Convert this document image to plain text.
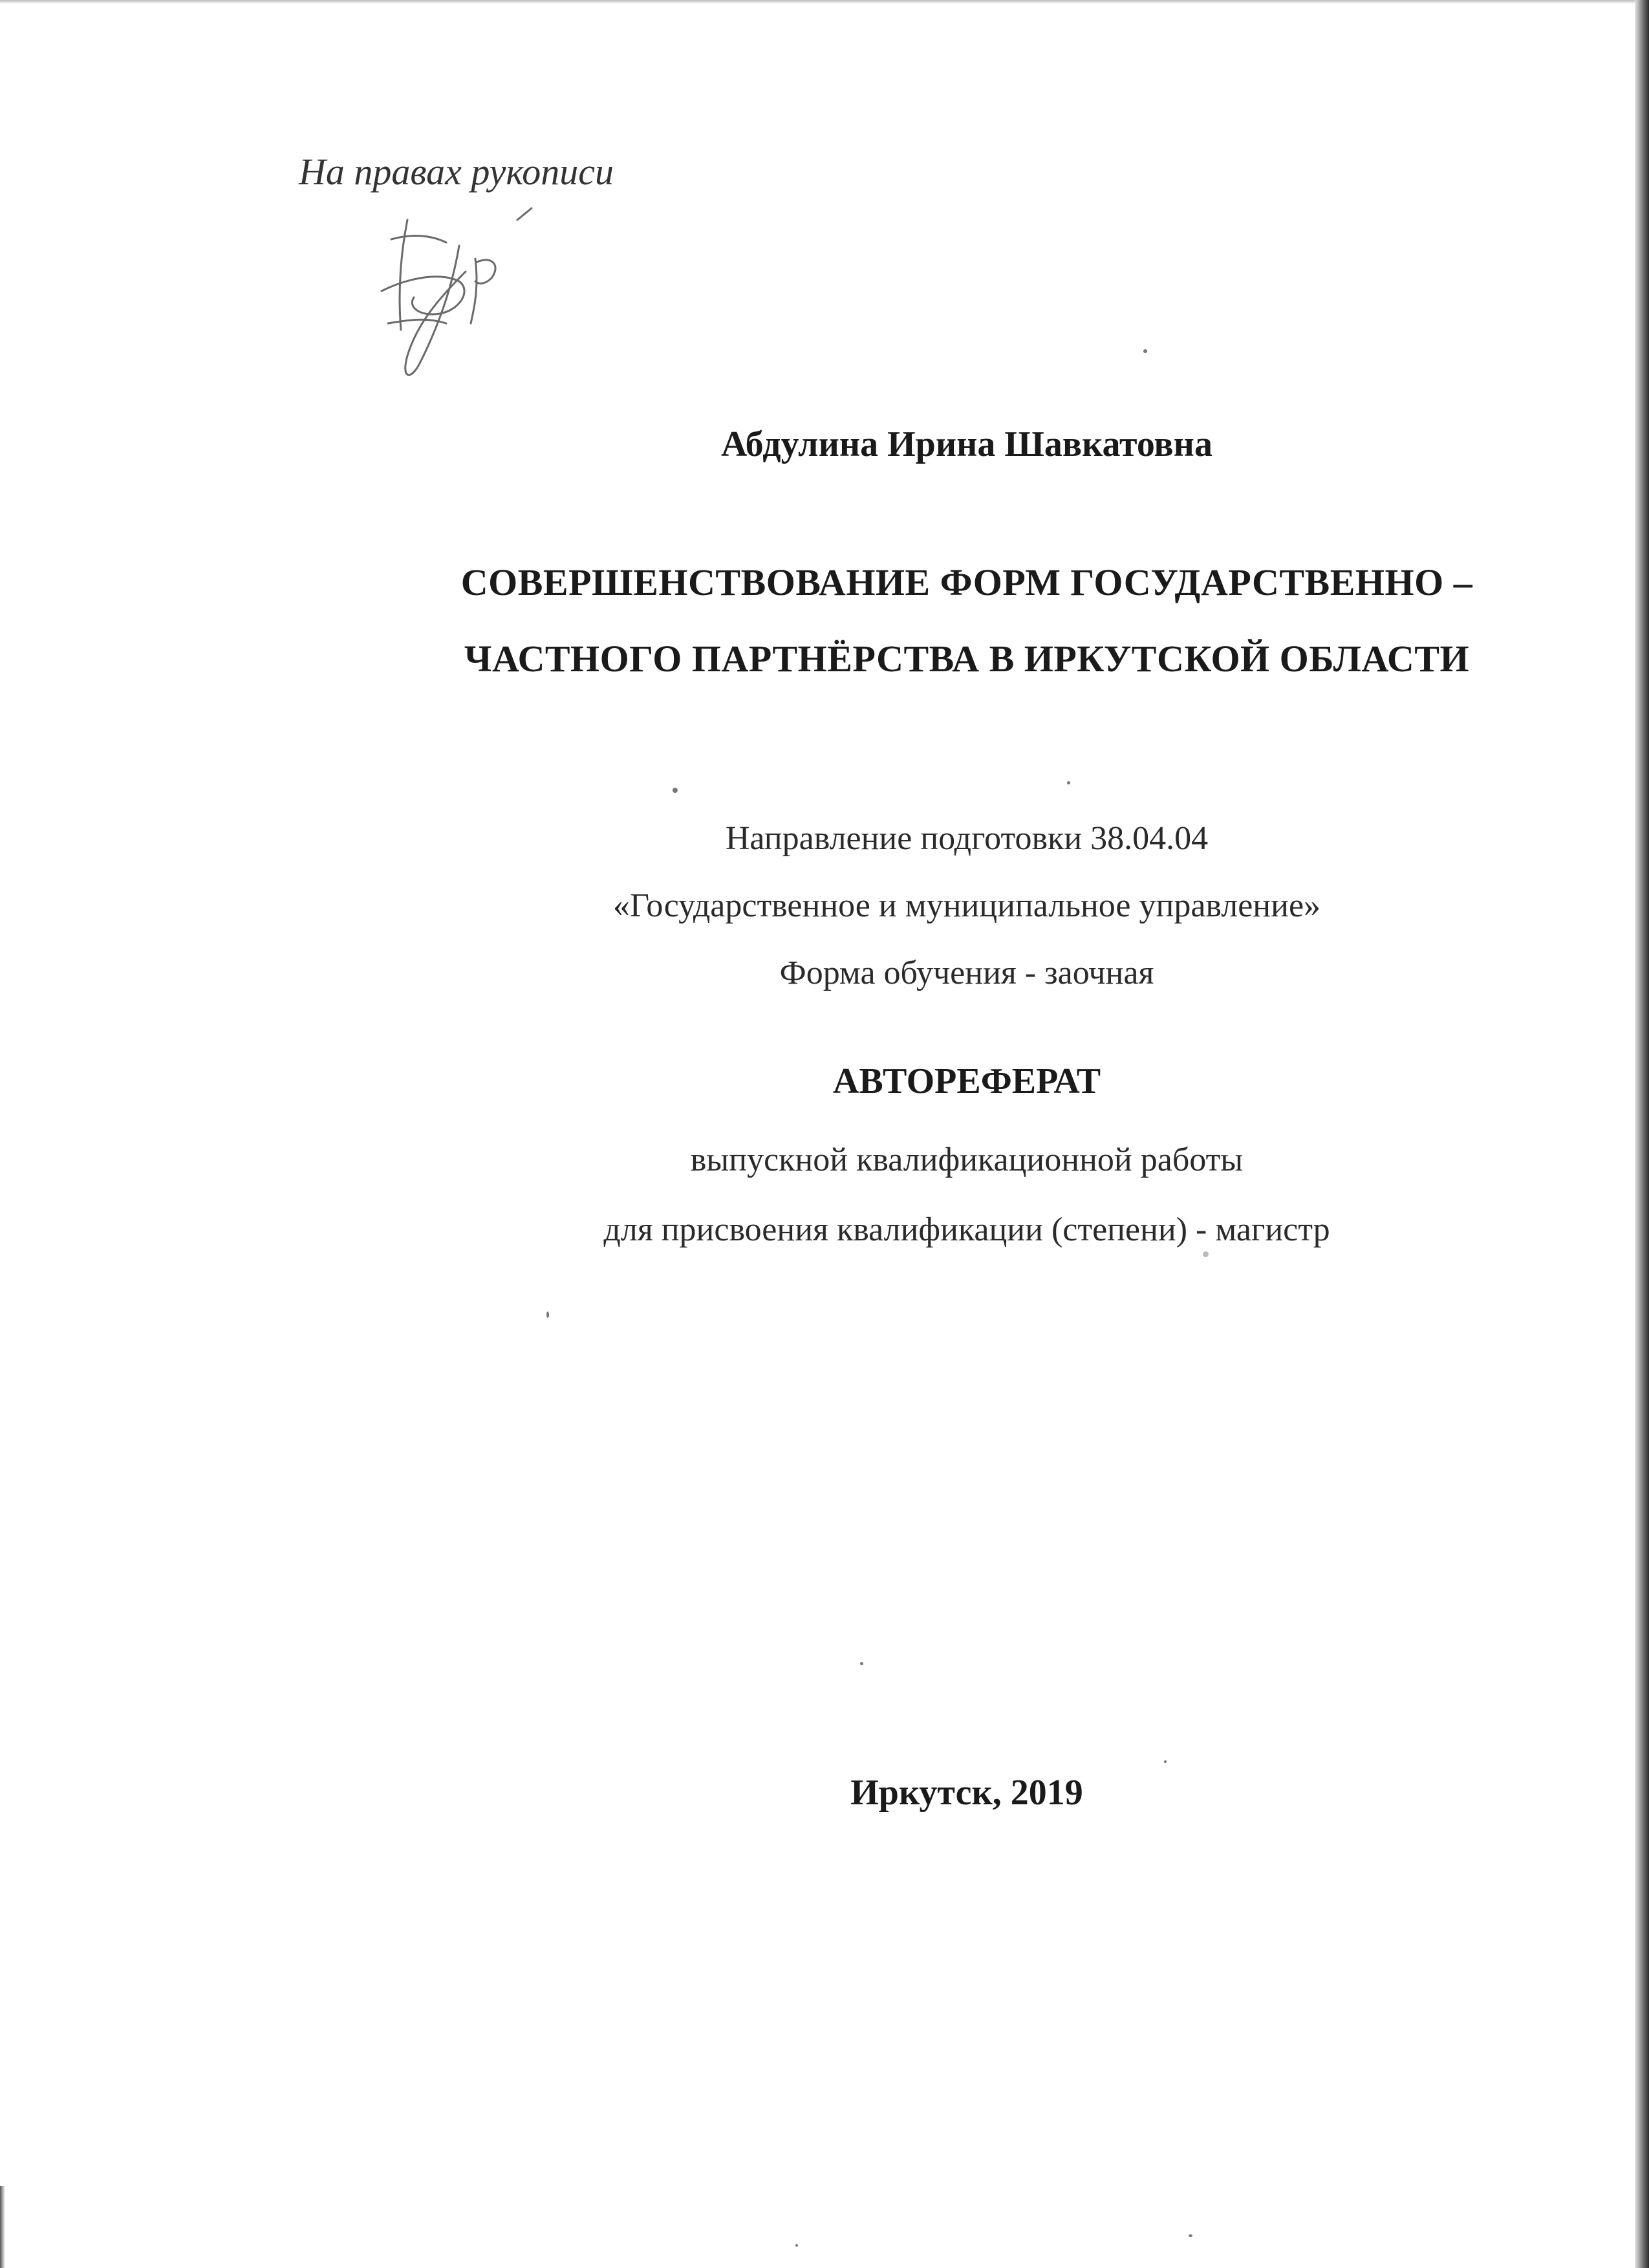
На правах рукописи
Абдулина Ирина Шавкатовна
СОВЕРШЕНСТВОВАНИЕ ФОРМ ГОСУДАРСТВЕННО –
ЧАСТНОГО ПАРТНЁРСТВА В ИРКУТСКОЙ ОБЛАСТИ
Направление подготовки 38.04.04
«Государственное и муниципальное управление»
Форма обучения - заочная
АВТОРЕФЕРАТ
выпускной квалификационной работы
для присвоения квалификации (степени) - магистр
Иркутск, 2019
